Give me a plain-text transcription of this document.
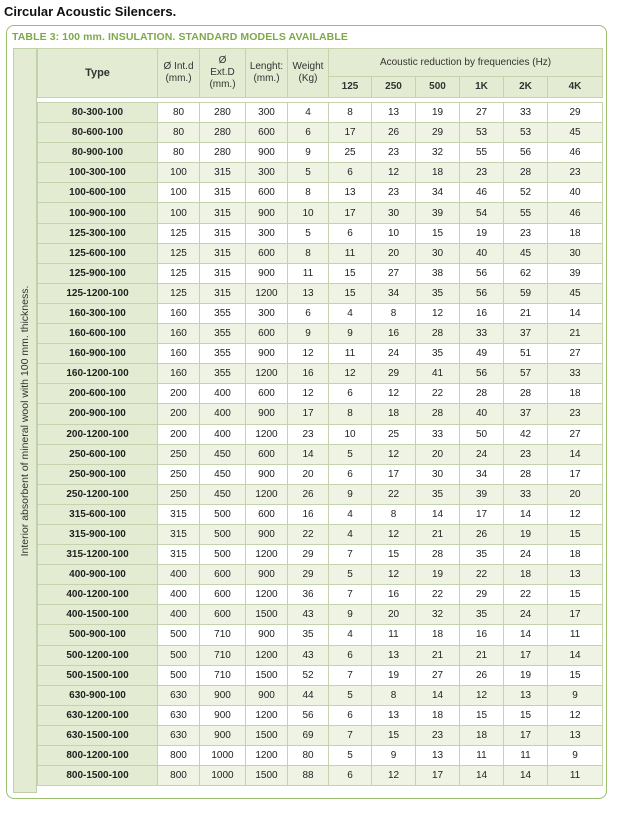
Circular Acoustic Silencers.
TABLE 3: 100 mm. INSULATION. STANDARD MODELS AVAILABLE
Interior absorbent of mineral wool with 100 mm. thickness.
Type	Ø Int.d
(mm.)	Ø
Ext.D
(mm.)	Lenght:
(mm.)	Weight
(Kg)	Acoustic reduction by frequencies (Hz)					
					125	250	500	1K	2K	4K

80-300-100	80	280	300	4	8	13	19	27	33	29
80-600-100	80	280	600	6	17	26	29	53	53	45
80-900-100	80	280	900	9	25	23	32	55	56	46
100-300-100	100	315	300	5	6	12	18	23	28	23
100-600-100	100	315	600	8	13	23	34	46	52	40
100-900-100	100	315	900	10	17	30	39	54	55	46
125-300-100	125	315	300	5	6	10	15	19	23	18
125-600-100	125	315	600	8	11	20	30	40	45	30
125-900-100	125	315	900	11	15	27	38	56	62	39
125-1200-100	125	315	1200	13	15	34	35	56	59	45
160-300-100	160	355	300	6	4	8	12	16	21	14
160-600-100	160	355	600	9	9	16	28	33	37	21
160-900-100	160	355	900	12	11	24	35	49	51	27
160-1200-100	160	355	1200	16	12	29	41	56	57	33
200-600-100	200	400	600	12	6	12	22	28	28	18
200-900-100	200	400	900	17	8	18	28	40	37	23
200-1200-100	200	400	1200	23	10	25	33	50	42	27
250-600-100	250	450	600	14	5	12	20	24	23	14
250-900-100	250	450	900	20	6	17	30	34	28	17
250-1200-100	250	450	1200	26	9	22	35	39	33	20
315-600-100	315	500	600	16	4	8	14	17	14	12
315-900-100	315	500	900	22	4	12	21	26	19	15
315-1200-100	315	500	1200	29	7	15	28	35	24	18
400-900-100	400	600	900	29	5	12	19	22	18	13
400-1200-100	400	600	1200	36	7	16	22	29	22	15
400-1500-100	400	600	1500	43	9	20	32	35	24	17
500-900-100	500	710	900	35	4	11	18	16	14	11
500-1200-100	500	710	1200	43	6	13	21	21	17	14
500-1500-100	500	710	1500	52	7	19	27	26	19	15
630-900-100	630	900	900	44	5	8	14	12	13	9
630-1200-100	630	900	1200	56	6	13	18	15	15	12
630-1500-100	630	900	1500	69	7	15	23	18	17	13
800-1200-100	800	1000	1200	80	5	9	13	11	11	9
800-1500-100	800	1000	1500	88	6	12	17	14	14	11
